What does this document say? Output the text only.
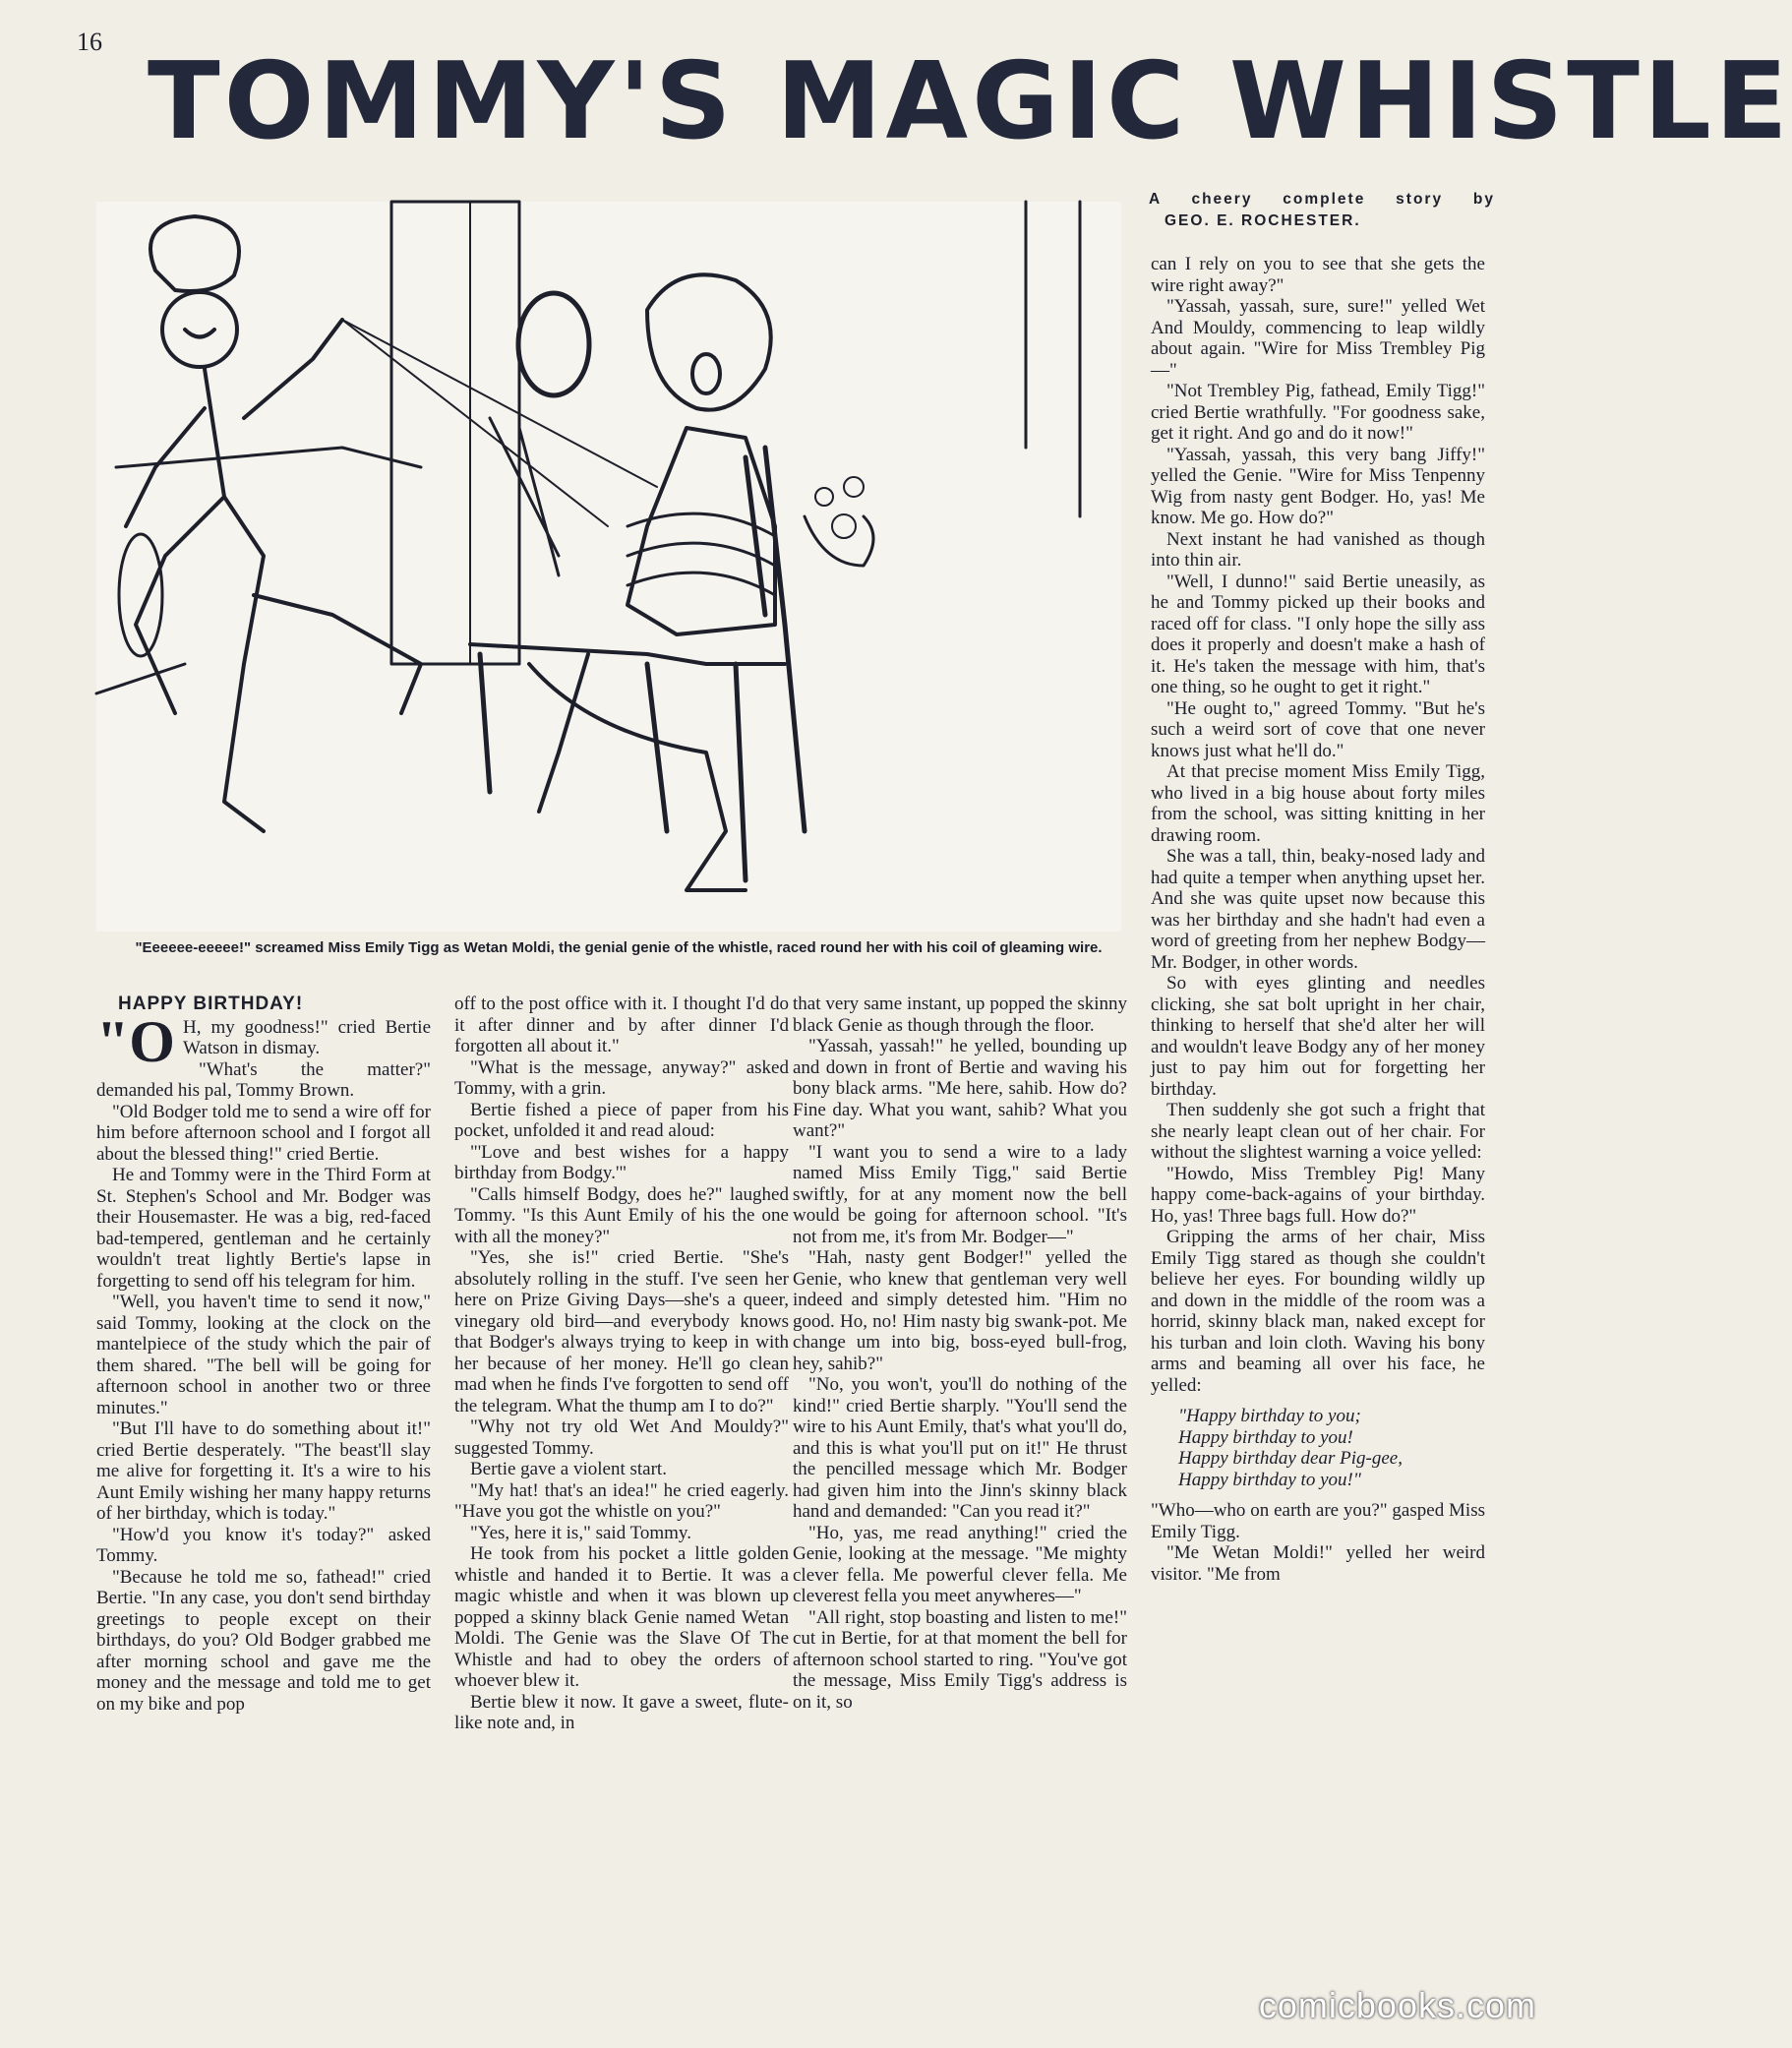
16 TOMMY'S MAGIC WHISTLE
A cheery complete story by
GEO. E. ROCHESTER.
"Eeeeee-eeeee!" screamed Miss Emily Tigg as Wetan Moldi, the genial genie of the whistle, raced round her with his coil of gleaming wire.
HAPPY BIRTHDAY!

"O H, my goodness!" cried Bertie Watson in dismay.

"What's the matter?" demanded his pal, Tommy Brown.

"Old Bodger told me to send a wire off for him before afternoon school and I forgot all about the blessed thing!" cried Bertie.

He and Tommy were in the Third Form at St. Stephen's School and Mr. Bodger was their Housemaster. He was a big, red-faced bad-tempered, gentleman and he certainly wouldn't treat lightly Bertie's lapse in forgetting to send off his telegram for him.

"Well, you haven't time to send it now," said Tommy, looking at the clock on the mantelpiece of the study which the pair of them shared. "The bell will be going for afternoon school in another two or three minutes."

"But I'll have to do something about it!" cried Bertie desperately. "The beast'll slay me alive for forgetting it. It's a wire to his Aunt Emily wishing her many happy returns of her birthday, which is today."

"How'd you know it's today?" asked Tommy.

"Because he told me so, fathead!" cried Bertie. "In any case, you don't send birthday greetings to people except on their birthdays, do you? Old Bodger grabbed me after morning school and gave me the money and the message and told me to get on my bike and pop

off to the post office with it. I thought I'd do it after dinner and by after dinner I'd forgotten all about it."

"What is the message, anyway?" asked Tommy, with a grin.

Bertie fished a piece of paper from his pocket, unfolded it and read aloud:

"'Love and best wishes for a happy birthday from Bodgy.'"

"Calls himself Bodgy, does he?" laughed Tommy. "Is this Aunt Emily of his the one with all the money?"

"Yes, she is!" cried Bertie. "She's absolutely rolling in the stuff. I've seen her here on Prize Giving Days—she's a queer, vinegary old bird—and everybody knows that Bodger's always trying to keep in with her because of her money. He'll go clean mad when he finds I've forgotten to send off the telegram. What the thump am I to do?"

"Why not try old Wet And Mouldy?" suggested Tommy.

Bertie gave a violent start.

"My hat! that's an idea!" he cried eagerly. "Have you got the whistle on you?"

"Yes, here it is," said Tommy.

He took from his pocket a little golden whistle and handed it to Bertie. It was a magic whistle and when it was blown up popped a skinny black Genie named Wetan Moldi. The Genie was the Slave Of The Whistle and had to obey the orders of whoever blew it.

Bertie blew it now. It gave a sweet, flute-like note and, in

that very same instant, up popped the skinny black Genie as though through the floor.

"Yassah, yassah!" he yelled, bounding up and down in front of Bertie and waving his bony black arms. "Me here, sahib. How do? Fine day. What you want, sahib? What you want?"

"I want you to send a wire to a lady named Miss Emily Tigg," said Bertie swiftly, for at any moment now the bell would be going for afternoon school. "It's not from me, it's from Mr. Bodger—"

"Hah, nasty gent Bodger!" yelled the Genie, who knew that gentleman very well indeed and simply detested him. "Him no good. Ho, no! Him nasty big swank-pot. Me change um into big, boss-eyed bull-frog, hey, sahib?"

"No, you won't, you'll do nothing of the kind!" cried Bertie sharply. "You'll send the wire to his Aunt Emily, that's what you'll do, and this is what you'll put on it!" He thrust the pencilled message which Mr. Bodger had given him into the Jinn's skinny black hand and demanded: "Can you read it?"

"Ho, yas, me read anything!" cried the Genie, looking at the message. "Me mighty clever fella. Me powerful clever fella. Me cleverest fella you meet anywheres—"

"All right, stop boasting and listen to me!" cut in Bertie, for at that moment the bell for afternoon school started to ring. "You've got the message, Miss Emily Tigg's address is on it, so

can I rely on you to see that she gets the wire right away?"

"Yassah, yassah, sure, sure!" yelled Wet And Mouldy, commencing to leap wildly about again. "Wire for Miss Trembley Pig—"

"Not Trembley Pig, fathead, Emily Tigg!" cried Bertie wrathfully. "For goodness sake, get it right. And go and do it now!"

"Yassah, yassah, this very bang Jiffy!" yelled the Genie. "Wire for Miss Tenpenny Wig from nasty gent Bodger. Ho, yas! Me know. Me go. How do?"

Next instant he had vanished as though into thin air.

"Well, I dunno!" said Bertie uneasily, as he and Tommy picked up their books and raced off for class. "I only hope the silly ass does it properly and doesn't make a hash of it. He's taken the message with him, that's one thing, so he ought to get it right."

"He ought to," agreed Tommy. "But he's such a weird sort of cove that one never knows just what he'll do."

At that precise moment Miss Emily Tigg, who lived in a big house about forty miles from the school, was sitting knitting in her drawing room.

She was a tall, thin, beaky-nosed lady and had quite a temper when anything upset her. And she was quite upset now because this was her birthday and she hadn't had even a word of greeting from her nephew Bodgy—Mr. Bodger, in other words.

So with eyes glinting and needles clicking, she sat bolt upright in her chair, thinking to herself that she'd alter her will and wouldn't leave Bodgy any of her money just to pay him out for forgetting her birthday.

Then suddenly she got such a fright that she nearly leapt clean out of her chair. For without the slightest warning a voice yelled:

"Howdo, Miss Trembley Pig! Many happy come-back-agains of your birthday. Ho, yas! Three bags full. How do?"

Gripping the arms of her chair, Miss Emily Tigg stared as though she couldn't believe her eyes. For bounding wildly up and down in the middle of the room was a horrid, skinny black man, naked except for his turban and loin cloth. Waving his bony arms and beaming all over his face, he yelled:

"Happy birthday to you;
Happy birthday to you!
Happy birthday dear Pig-gee,
Happy birthday to you!"

"Who—who on earth are you?" gasped Miss Emily Tigg.

"Me Wetan Moldi!" yelled her weird visitor. "Me from

comicbooks.com
